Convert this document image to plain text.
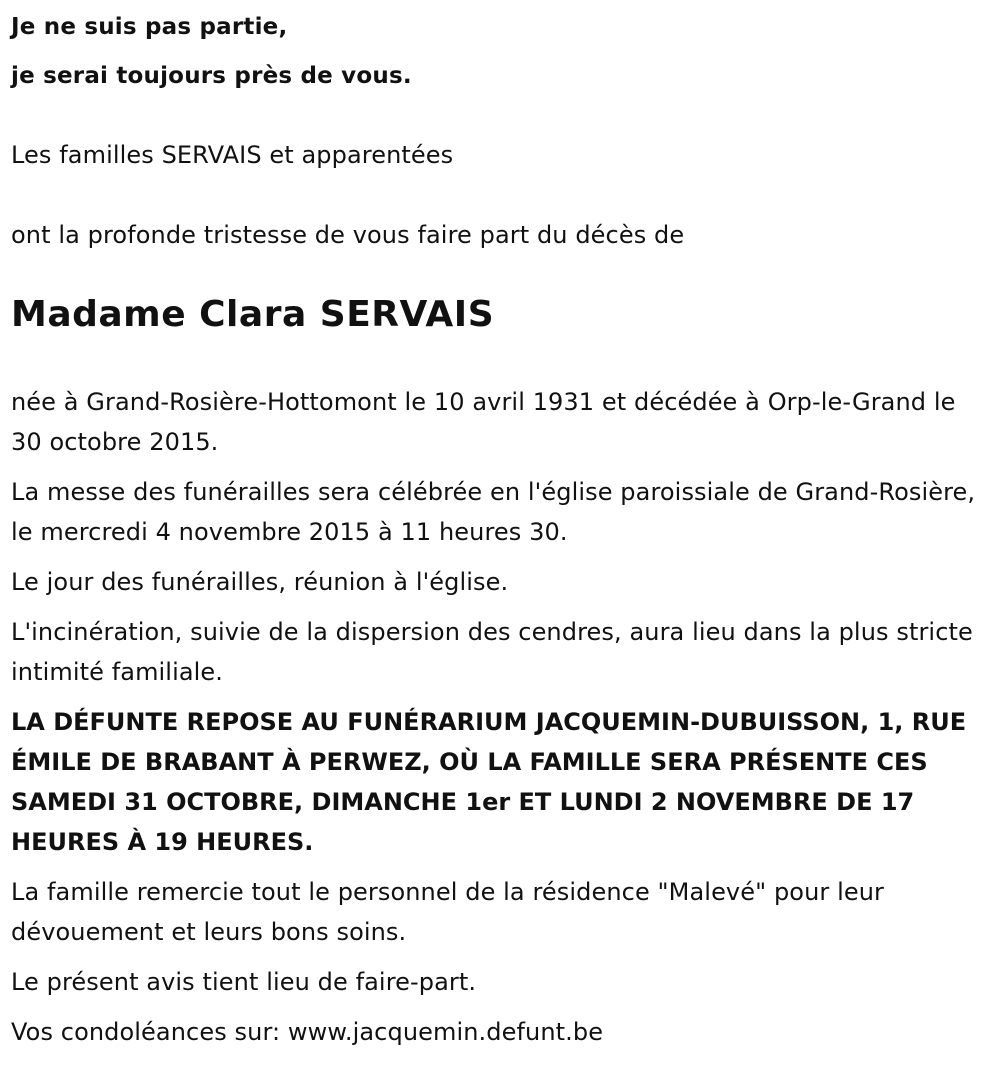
Je ne suis pas partie,

je serai toujours près de vous.

Les familles SERVAIS et apparentées

ont la profonde tristesse de vous faire part du décès de

Madame Clara SERVAIS

née à Grand-Rosière-Hottomont le 10 avril 1931 et décédée à Orp-le-Grand le 30 octobre 2015.

La messe des funérailles sera célébrée en l'église paroissiale de Grand-Rosière, le mercredi 4 novembre 2015 à 11 heures 30.

Le jour des funérailles, réunion à l'église.

L'incinération, suivie de la dispersion des cendres, aura lieu dans la plus stricte intimité familiale.

LA DÉFUNTE REPOSE AU FUNÉRARIUM JACQUEMIN-DUBUISSON, 1, RUE ÉMILE DE BRABANT À PERWEZ, OÙ LA FAMILLE SERA PRÉSENTE CES SAMEDI 31 OCTOBRE, DIMANCHE 1er ET LUNDI 2 NOVEMBRE DE 17 HEURES À 19 HEURES.

La famille remercie tout le personnel de la résidence "Malevé" pour leur dévouement et leurs bons soins.

Le présent avis tient lieu de faire-part.

Vos condoléances sur: www.jacquemin.defunt.be
